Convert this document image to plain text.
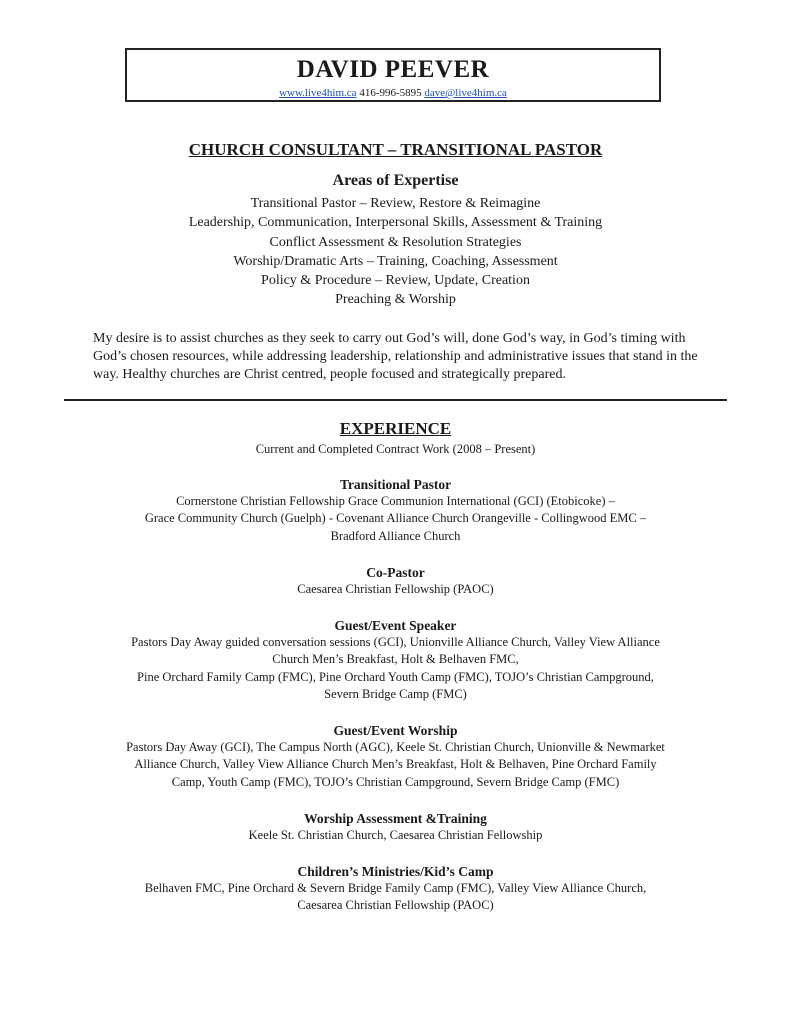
DAVID PEEVER
www.live4him.ca 416-996-5895 dave@live4him.ca
CHURCH CONSULTANT – TRANSITIONAL PASTOR
Areas of Expertise
Transitional Pastor – Review, Restore & Reimagine
Leadership, Communication, Interpersonal Skills, Assessment & Training
Conflict Assessment & Resolution Strategies
Worship/Dramatic Arts – Training, Coaching, Assessment
Policy & Procedure – Review, Update, Creation
Preaching & Worship
My desire is to assist churches as they seek to carry out God’s will, done God’s way, in God’s timing with God’s chosen resources, while addressing leadership, relationship and administrative issues that stand in the way. Healthy churches are Christ centred, people focused and strategically prepared.
EXPERIENCE
Current and Completed Contract Work (2008 – Present)
Transitional Pastor
Cornerstone Christian Fellowship Grace Communion International (GCI) (Etobicoke) –
Grace Community Church (Guelph) - Covenant Alliance Church Orangeville - Collingwood EMC –
Bradford Alliance Church
Co-Pastor
Caesarea Christian Fellowship (PAOC)
Guest/Event Speaker
Pastors Day Away guided conversation sessions (GCI), Unionville Alliance Church, Valley View Alliance
Church Men’s Breakfast, Holt & Belhaven FMC,
Pine Orchard Family Camp (FMC), Pine Orchard Youth Camp (FMC), TOJO’s Christian Campground,
Severn Bridge Camp (FMC)
Guest/Event Worship
Pastors Day Away (GCI), The Campus North (AGC), Keele St. Christian Church, Unionville & Newmarket
Alliance Church, Valley View Alliance Church Men’s Breakfast, Holt & Belhaven, Pine Orchard Family
Camp, Youth Camp (FMC), TOJO’s Christian Campground, Severn Bridge Camp (FMC)
Worship Assessment &Training
Keele St. Christian Church, Caesarea Christian Fellowship
Children’s Ministries/Kid’s Camp
Belhaven FMC, Pine Orchard & Severn Bridge Family Camp (FMC), Valley View Alliance Church,
Caesarea Christian Fellowship (PAOC)
